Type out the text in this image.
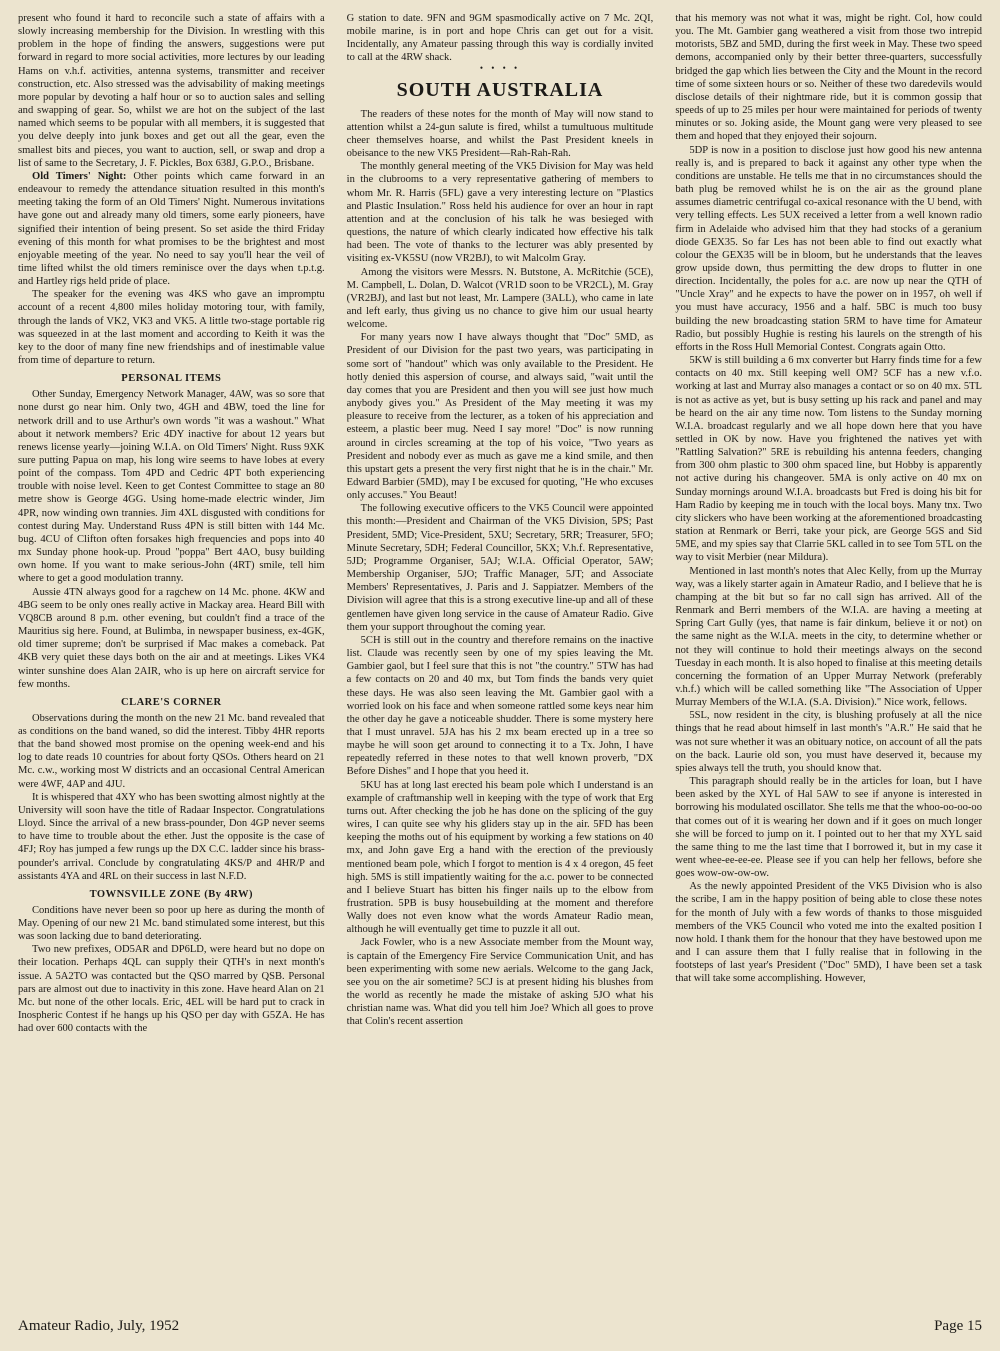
present who found it hard to reconcile such a state of affairs with a slowly increasing membership for the Division. In wrestling with this problem in the hope of finding the answers, suggestions were put forward in regard to more social activities, more lectures by our leading Hams on v.h.f. activities, antenna systems, transmitter and receiver construction, etc. Also stressed was the advisability of making meetings more popular by devoting a half hour or so to auction sales and selling and swapping of gear. So, whilst we are hot on the subject of the last named which seems to be popular with all members, it is suggested that you delve deeply into junk boxes and get out all the gear, even the smallest bits and pieces, you want to auction, sell, or swap and drop a list of same to the Secretary, J. F. Pickles, Box 638J, G.P.O., Brisbane.

Old Timers' Night: Other points which came forward in an endeavour to remedy the attendance situation resulted in this month's meeting taking the form of an Old Timers' Night. Numerous invitations have gone out and already many old timers, some early pioneers, have signified their intention of being present. So set aside the third Friday evening of this month for what promises to be the brightest and most enjoyable meeting of the year. No need to say you'll hear the veil of time lifted whilst the old timers reminisce over the days when t.p.t.g. and Hartley rigs held pride of place.

The speaker for the evening was 4KS who gave an impromptu account of a recent 4,800 miles holiday motoring tour, with family, through the lands of VK2, VK3 and VK5. A little two-stage portable rig was squeezed in at the last moment and according to Keith it was the key to the door of many fine new friendships and of inestimable value from time of departure to return.

PERSONAL ITEMS

Other Sunday, Emergency Network Manager, 4AW, was so sore that none durst go near him. Only two, 4GH and 4BW, toed the line for network drill and to use Arthur's own words "it was a washout." What about it network members? Eric 4DY inactive for about 12 years but renews license yearly—joining W.I.A. on Old Timers' Night. Russ 9XK sure putting Papua on map, his long wire seems to have lobes at every point of the compass. Tom 4PD and Cedric 4PT both experiencing trouble with noise level. Keen to get Contest Committee to stage an 80 metre show is George 4GG. Using home-made electric winder, Jim 4PR, now winding own trannies. Jim 4XL disgusted with conditions for contest during May. Understand Russ 4PN is still bitten with 144 Mc. bug. 4CU of Clifton often forsakes high frequencies and pops into 40 mx Sunday phone hook-up. Proud "poppa" Bert 4AO, busy building own home. If you want to make serious-John (4RT) smile, tell him where to get a good modulation tranny.

Aussie 4TN always good for a ragchew on 14 Mc. phone. 4KW and 4BG seem to be only ones really active in Mackay area. Heard Bill with VQ8CB around 8 p.m. other evening, but couldn't find a trace of the Mauritius sig here. Found, at Bulimba, in newspaper business, ex-4GK, old timer supreme; don't be surprised if Mac makes a comeback. Pat 4KB very quiet these days both on the air and at meetings. Likes VK4 winter sunshine does Alan 2AIR, who is up here on aircraft service for few months.

CLARE'S CORNER

Observations during the month on the new 21 Mc. band revealed that as conditions on the band waned, so did the interest. Tibby 4HR reports that the band showed most promise on the opening week-end and his log to date reads 10 countries for about forty QSOs. Others heard on 21 Mc. c.w., working most W districts and an occasional Central American were 4WF, 4AP and 4JU.

It is whispered that 4XY who has been swotting almost nightly at the University will soon have the title of Radaar Inspector. Congratulations Lloyd. Since the arrival of a new brass-pounder, Don 4GP never seems to have time to trouble about the ether. Just the opposite is the case of 4FJ; Roy has jumped a few rungs up the DX C.C. ladder since his brass-pounder's arrival. Conclude by congratulating 4KS/P and 4HR/P and assistants 4YA and 4RL on their success in last N.F.D.

TOWNSVILLE ZONE (By 4RW)

Conditions have never been so poor up here as during the month of May. Opening of our new 21 Mc. band stimulated some interest, but this was soon lacking due to band deteriorating.

Two new prefixes, OD5AR and DP6LD, were heard but no dope on their location. Perhaps 4QL can supply their QTH's in next month's issue. A 5A2TO was contacted but the QSO marred by QSB. Personal pars are almost out due to inactivity in this zone. Have heard Alan on 21 Mc. but none of the other locals. Eric, 4EL will be hard put to crack in Inospheric Contest if he hangs up his QSO per day with G5ZA. He has had over 600 contacts with the

G station to date. 9FN and 9GM spasmodically active on 7 Mc. 2QI, mobile marine, is in port and hope Chris can get out for a visit. Incidentally, any Amateur passing through this way is cordially invited to call at the 4RW shack.

• • • •
SOUTH AUSTRALIA

The readers of these notes for the month of May will now stand to attention whilst a 24-gun salute is fired, whilst a tumultuous multitude cheer themselves hoarse, and whilst the Past President kneels in obeisance to the new VK5 President—Rah-Rah-Rah.

The monthly general meeting of the VK5 Division for May was held in the clubrooms to a very representative gathering of members to whom Mr. R. Harris (5FL) gave a very interesting lecture on "Plastics and Plastic Insulation." Ross held his audience for over an hour in rapt attention and at the conclusion of his talk he was besieged with questions, the nature of which clearly indicated how effective his talk had been. The vote of thanks to the lecturer was ably presented by visiting ex-VK5SU (now VR2BJ), to wit Malcolm Gray.

Among the visitors were Messrs. N. Butstone, A. McRitchie (5CE), M. Campbell, L. Dolan, D. Walcot (VR1D soon to be VR2CL), M. Gray (VR2BJ), and last but not least, Mr. Lampere (3ALL), who came in late and left early, thus giving us no chance to give him our usual hearty welcome.

For many years now I have always thought that "Doc" 5MD, as President of our Division for the past two years, was participating in some sort of "handout" which was only available to the President. He hotly denied this aspersion of course, and always said, "wait until the day comes that you are President and then you will see just how much anybody gives you." As President of the May meeting it was my pleasure to receive from the lecturer, as a token of his appreciation and esteem, a plastic beer mug. Need I say more! "Doc" is now running around in circles screaming at the top of his voice, "Two years as President and nobody ever as much as gave me a kind smile, and then this upstart gets a present the very first night that he is in the chair." Mr. Edward Barbier (5MD), may I be excused for quoting, "He who excuses only accuses." You Beaut!

The following executive officers to the VK5 Council were appointed this month:—President and Chairman of the VK5 Division, 5PS; Past President, 5MD; Vice-President, 5XU; Secretary, 5RR; Treasurer, 5FO; Minute Secretary, 5DH; Federal Councillor, 5KX; V.h.f. Representative, 5JD; Programme Organiser, 5AJ; W.I.A. Official Operator, 5AW; Membership Organiser, 5JO; Traffic Manager, 5JT; and Associate Members' Representatives, J. Paris and J. Sappiatzer. Members of the Division will agree that this is a strong executive line-up and all of these gentlemen have given long service in the cause of Amateur Radio. Give them your support throughout the coming year.

5CH is still out in the country and therefore remains on the inactive list. Claude was recently seen by one of my spies leaving the Mt. Gambier gaol, but I feel sure that this is not "the country." 5TW has had a few contacts on 20 and 40 mx, but Tom finds the bands very quiet these days. He was also seen leaving the Mt. Gambier gaol with a worried look on his face and when someone rattled some keys near him the other day he gave a noticeable shudder. There is some mystery here that I must unravel. 5JA has his 2 mx beam erected up in a tree so maybe he will soon get around to connecting it to a Tx. John, I have repeatedly referred in these notes to that well known proverb, "DX Before Dishes" and I hope that you heed it.

5KU has at long last erected his beam pole which I understand is an example of craftmanship well in keeping with the type of work that Erg turns out. After checking the job he has done on the splicing of the guy wires, I can quite see why his gliders stay up in the air. 5FD has been keeping the moths out of his equipment by working a few stations on 40 mx, and John gave Erg a hand with the erection of the previously mentioned beam pole, which I forgot to mention is 4 x 4 oregon, 45 feet high. 5MS is still impatiently waiting for the a.c. power to be connected and I believe Stuart has bitten his finger nails up to the elbow from frustration. 5PB is busy housebuilding at the moment and therefore Wally does not even know what the words Amateur Radio mean, although he will eventually get time to puzzle it all out.

Jack Fowler, who is a new Associate member from the Mount way, is captain of the Emergency Fire Service Communication Unit, and has been experimenting with some new aerials. Welcome to the gang Jack, see you on the air sometime? 5CJ is at present hiding his blushes from the world as recently he made the mistake of asking 5JO what his christian name was. What did you tell him Joe? Which all goes to prove that Colin's recent assertion

that his memory was not what it was, might be right. Col, how could you. The Mt. Gambier gang weathered a visit from those two intrepid motorists, 5BZ and 5MD, during the first week in May. These two speed demons, accompanied only by their better three-quarters, successfully bridged the gap which lies between the City and the Mount in the record time of some sixteen hours or so. Neither of these two daredevils would disclose details of their nightmare ride, but it is common gossip that speeds of up to 25 miles per hour were maintained for periods of twenty minutes or so. Joking aside, the Mount gang were very pleased to see them and hoped that they enjoyed their sojourn.

5DP is now in a position to disclose just how good his new antenna really is, and is prepared to back it against any other type when the conditions are unstable. He tells me that in no circumstances should the bath plug be removed whilst he is on the air as the ground plane assumes diametric centrifugal co-axical resonance with the U bend, with very telling effects. Les 5UX received a letter from a well known radio firm in Adelaide who advised him that they had stocks of a geranium diode GEX35. So far Les has not been able to find out exactly what colour the GEX35 will be in bloom, but he understands that the leaves grow upside down, thus permitting the dew drops to flutter in one direction. Incidentally, the poles for a.c. are now up near the QTH of "Uncle Xray" and he expects to have the power on in 1957, oh well if you must have accuracy, 1956 and a half. 5BC is much too busy building the new broadcasting station 5RM to have time for Amateur Radio, but possibly Hughie is resting his laurels on the strength of his efforts in the Ross Hull Memorial Contest. Congrats again Otto.

5KW is still building a 6 mx converter but Harry finds time for a few contacts on 40 mx. Still keeping well OM? 5CF has a new v.f.o. working at last and Murray also manages a contact or so on 40 mx. 5TL is not as active as yet, but is busy setting up his rack and panel and may be heard on the air any time now. Tom listens to the Sunday morning W.I.A. broadcast regularly and we all hope down here that you have settled in OK by now. Have you frightened the natives yet with "Rattling Salvation?" 5RE is rebuilding his antenna feeders, changing from 300 ohm plastic to 300 ohm spaced line, but Hobby is apparently not active during his changeover. 5MA is only active on 40 mx on Sunday mornings around W.I.A. broadcasts but Fred is doing his bit for Ham Radio by keeping me in touch with the local boys. Many tnx. Two city slickers who have been working at the aforementioned broadcasting station at Renmark or Berri, take your pick, are George 5GS and Sid 5ME, and my spies say that Clarrie 5KL called in to see Tom 5TL on the way to visit Merbier (near Mildura).

Mentioned in last month's notes that Alec Kelly, from up the Murray way, was a likely starter again in Amateur Radio, and I believe that he is champing at the bit but so far no call sign has arrived. All of the Renmark and Berri members of the W.I.A. are having a meeting at Spring Cart Gully (yes, that name is fair dinkum, believe it or not) on the same night as the W.I.A. meets in the city, to determine whether or not they will continue to hold their meetings always on the second Tuesday in each month. It is also hoped to finalise at this meeting details concerning the formation of an Upper Murray Network (preferably v.h.f.) which will be called something like "The Association of Upper Murray Members of the W.I.A. (S.A. Division)." Nice work, fellows.

5SL, now resident in the city, is blushing profusely at all the nice things that he read about himself in last month's "A.R." He said that he was not sure whether it was an obituary notice, on account of all the pats on the back. Laurie old son, you must have deserved it, because my spies always tell the truth, you should know that.

This paragraph should really be in the articles for loan, but I have been asked by the XYL of Hal 5AW to see if anyone is interested in borrowing his modulated oscillator. She tells me that the whoo-oo-oo-oo that comes out of it is wearing her down and if it goes on much longer she will be forced to jump on it. I pointed out to her that my XYL said the same thing to me the last time that I borrowed it, but in my case it went whee-ee-ee-ee. Please see if you can help her fellows, before she goes wow-ow-ow-ow.

As the newly appointed President of the VK5 Division who is also the scribe, I am in the happy position of being able to close these notes for the month of July with a few words of thanks to those misguided members of the VK5 Council who voted me into the exalted position I now hold. I thank them for the honour that they have bestowed upon me and I can assure them that I fully realise that in following in the footsteps of last year's President ("Doc" 5MD), I have been set a task that will take some accomplishing. However,

Amateur Radio, July, 1952	Page 15
